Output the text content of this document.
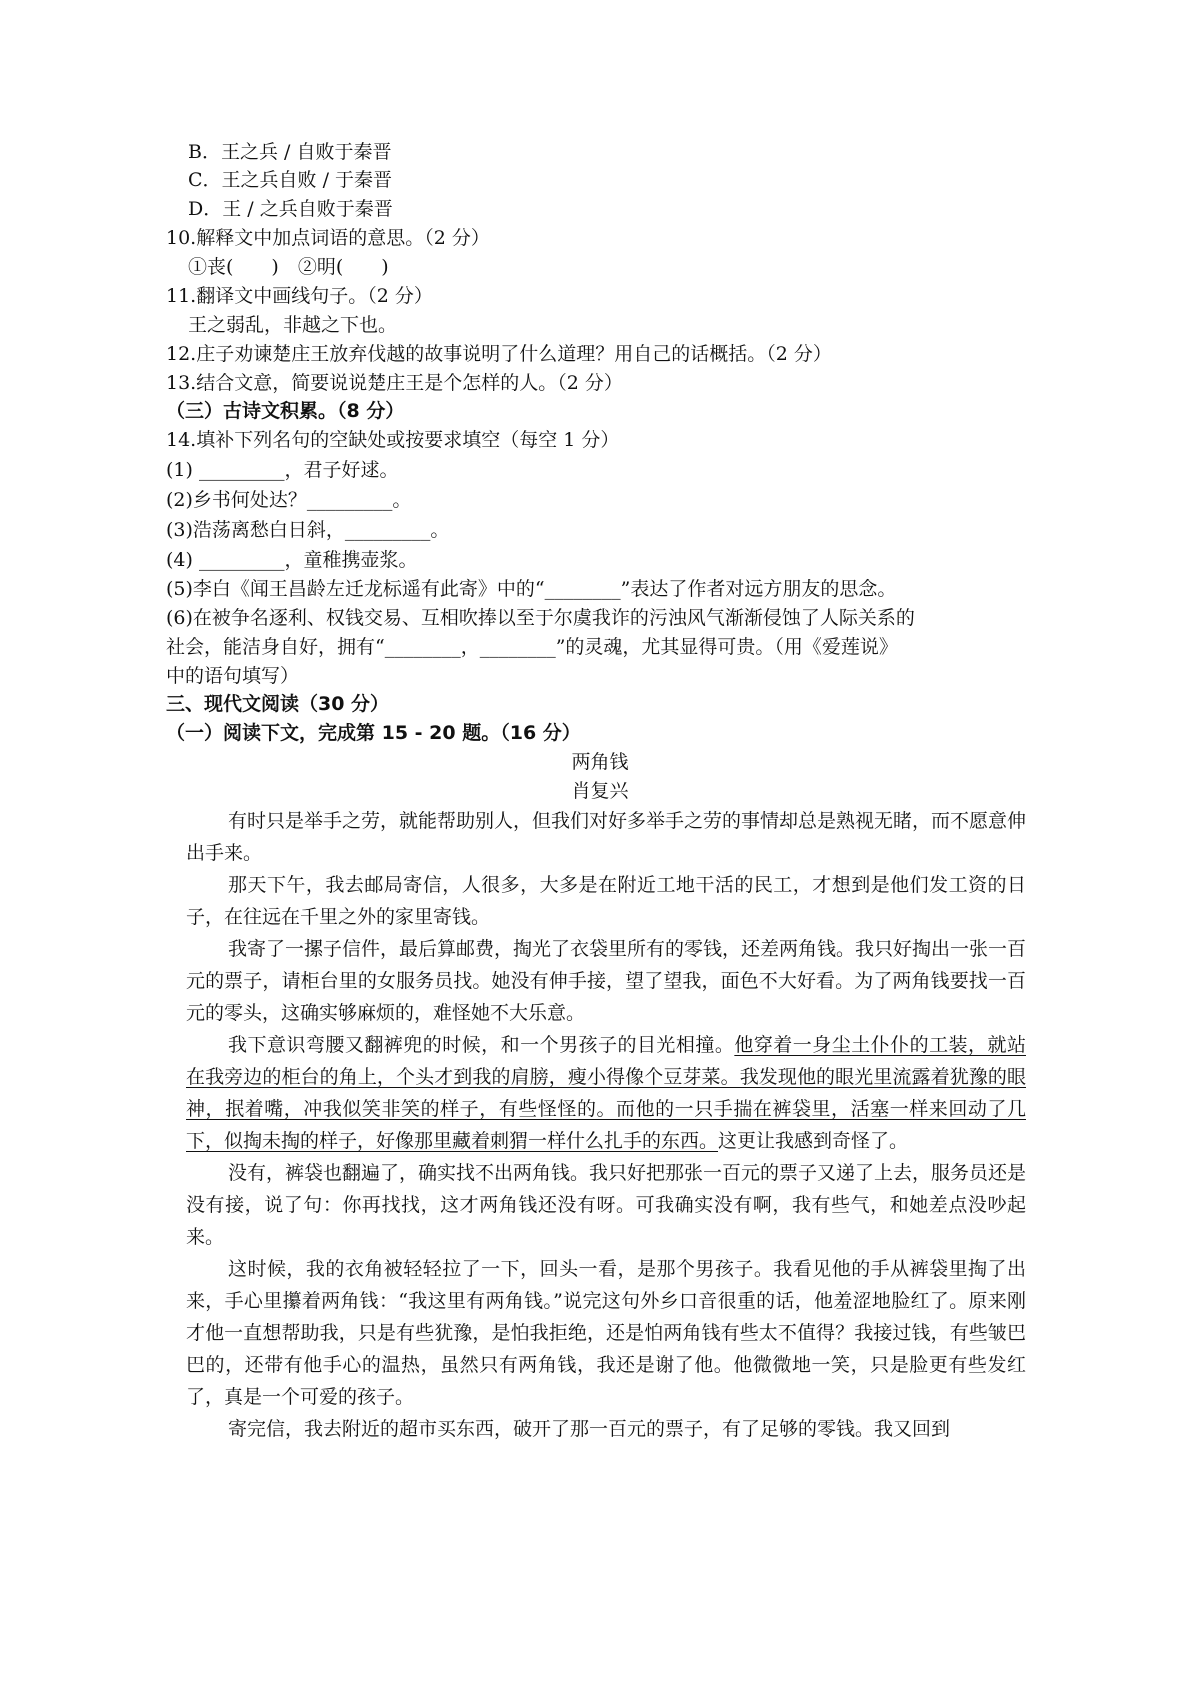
B．王之兵 / 自败于秦晋
C．王之兵自败 / 于秦晋
D．王 / 之兵自败于秦晋
10.解释文中加点词语的意思。（2 分）
①丧(　　)　②明(　　)
11.翻译文中画线句子。（2 分）
王之弱乱，非越之下也。
12.庄子劝谏楚庄王放弃伐越的故事说明了什么道理？用自己的话概括。（2 分）
13.结合文意，简要说说楚庄王是个怎样的人。（2 分）
（三）古诗文积累。（8 分）
14.填补下列名句的空缺处或按要求填空（每空 1 分）
(1) _________，君子好逑。
(2)乡书何处达？_________。
(3)浩荡离愁白日斜，_________。
(4) _________，童稚携壶浆。
(5)李白《闻王昌龄左迁龙标遥有此寄》中的“________”表达了作者对远方朋友的思念。
(6)在被争名逐利、权钱交易、互相吹捧以至于尔虞我诈的污浊风气渐渐侵蚀了人际关系的
社会，能洁身自好，拥有“________，________”的灵魂，尤其显得可贵。（用《爱莲说》
中的语句填写）
三、现代文阅读（30 分）
（一）阅读下文，完成第 15 - 20 题。（16 分）
两角钱
肖复兴
有时只是举手之劳，就能帮助别人，但我们对好多举手之劳的事情却总是熟视无睹，而不愿意伸出手来。
那天下午，我去邮局寄信，人很多，大多是在附近工地干活的民工，才想到是他们发工资的日子，在往远在千里之外的家里寄钱。
我寄了一摞子信件，最后算邮费，掏光了衣袋里所有的零钱，还差两角钱。我只好掏出一张一百元的票子，请柜台里的女服务员找。她没有伸手接，望了望我，面色不大好看。为了两角钱要找一百元的零头，这确实够麻烦的，难怪她不大乐意。
我下意识弯腰又翻裤兜的时候，和一个男孩子的目光相撞。他穿着一身尘土仆仆的工装，就站在我旁边的柜台的角上，个头才到我的肩膀，瘦小得像个豆芽菜。我发现他的眼光里流露着犹豫的眼神，抿着嘴，冲我似笑非笑的样子，有些怪怪的。而他的一只手揣在裤袋里，活塞一样来回动了几下，似掏未掏的样子，好像那里藏着刺猬一样什么扎手的东西。这更让我感到奇怪了。
没有，裤袋也翻遍了，确实找不出两角钱。我只好把那张一百元的票子又递了上去，服务员还是没有接，说了句：你再找找，这才两角钱还没有呀。可我确实没有啊，我有些气，和她差点没吵起来。
这时候，我的衣角被轻轻拉了一下，回头一看，是那个男孩子。我看见他的手从裤袋里掏了出来，手心里攥着两角钱：“我这里有两角钱。”说完这句外乡口音很重的话，他羞涩地脸红了。原来刚才他一直想帮助我，只是有些犹豫，是怕我拒绝，还是怕两角钱有些太不值得？我接过钱，有些皱巴巴的，还带有他手心的温热，虽然只有两角钱，我还是谢了他。他微微地一笑，只是脸更有些发红了，真是一个可爱的孩子。
寄完信，我去附近的超市买东西，破开了那一百元的票子，有了足够的零钱。我又回到
